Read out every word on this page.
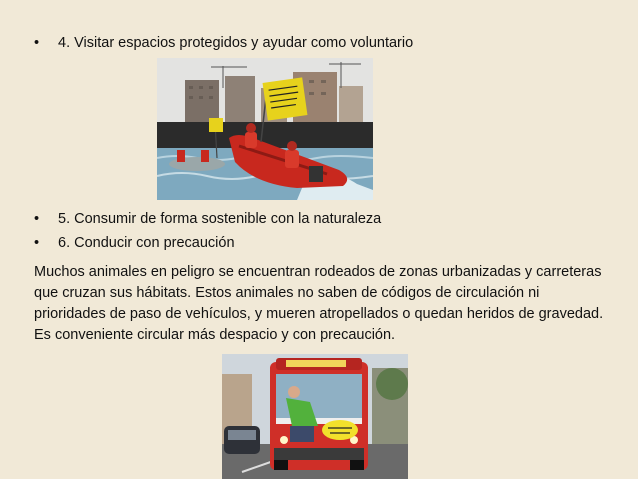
• 4. Visitar espacios protegidos y ayudar como voluntario
• 5. Consumir de forma sostenible con la naturaleza
• 6. Conducir con precaución
Muchos animales en peligro se encuentran rodeados de zonas urbanizadas y carreteras que cruzan sus hábitats. Estos animales no saben de códigos de circulación ni prioridades de paso de vehículos, y mueren atropellados o quedan heridos de gravedad. Es conveniente circular más despacio y con precaución.
